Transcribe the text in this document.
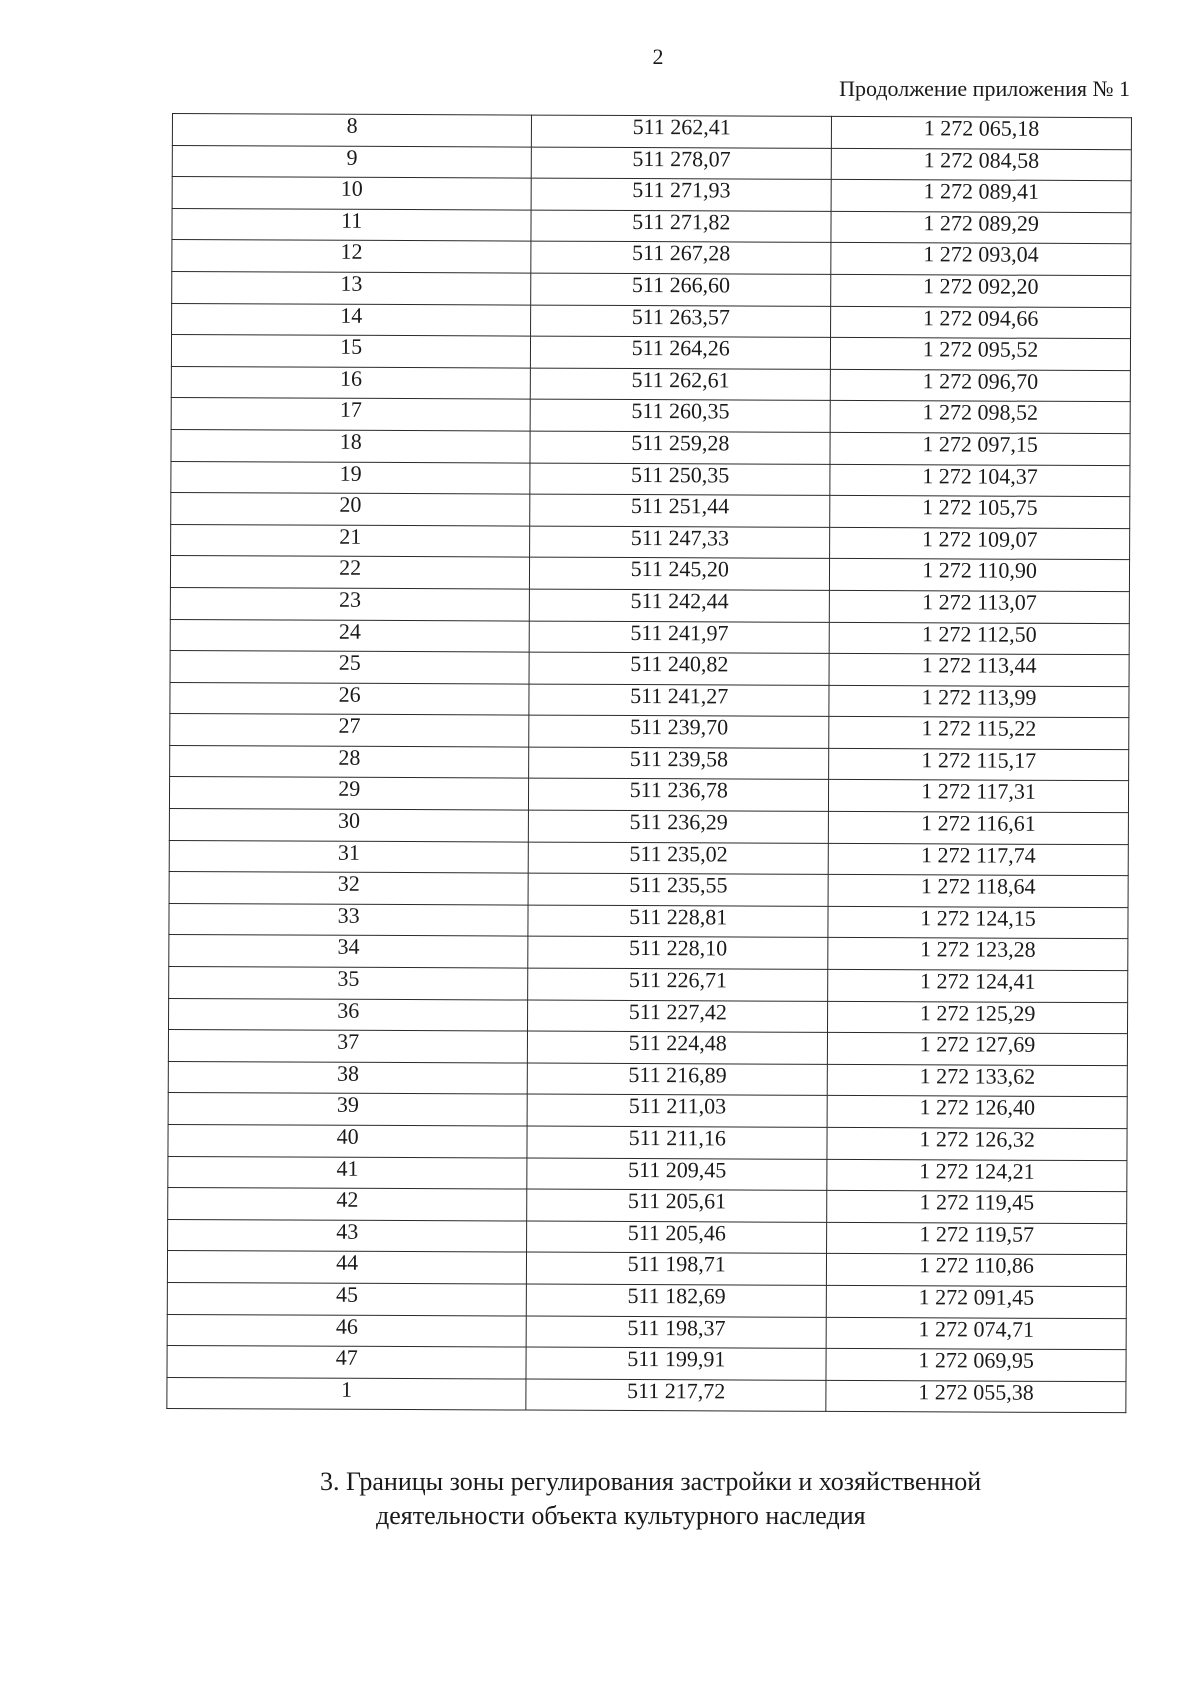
2
Продолжение приложения № 1
8	511 262,41	1 272 065,18
9	511 278,07	1 272 084,58
10	511 271,93	1 272 089,41
11	511 271,82	1 272 089,29
12	511 267,28	1 272 093,04
13	511 266,60	1 272 092,20
14	511 263,57	1 272 094,66
15	511 264,26	1 272 095,52
16	511 262,61	1 272 096,70
17	511 260,35	1 272 098,52
18	511 259,28	1 272 097,15
19	511 250,35	1 272 104,37
20	511 251,44	1 272 105,75
21	511 247,33	1 272 109,07
22	511 245,20	1 272 110,90
23	511 242,44	1 272 113,07
24	511 241,97	1 272 112,50
25	511 240,82	1 272 113,44
26	511 241,27	1 272 113,99
27	511 239,70	1 272 115,22
28	511 239,58	1 272 115,17
29	511 236,78	1 272 117,31
30	511 236,29	1 272 116,61
31	511 235,02	1 272 117,74
32	511 235,55	1 272 118,64
33	511 228,81	1 272 124,15
34	511 228,10	1 272 123,28
35	511 226,71	1 272 124,41
36	511 227,42	1 272 125,29
37	511 224,48	1 272 127,69
38	511 216,89	1 272 133,62
39	511 211,03	1 272 126,40
40	511 211,16	1 272 126,32
41	511 209,45	1 272 124,21
42	511 205,61	1 272 119,45
43	511 205,46	1 272 119,57
44	511 198,71	1 272 110,86
45	511 182,69	1 272 091,45
46	511 198,37	1 272 074,71
47	511 199,91	1 272 069,95
1	511 217,72	1 272 055,38
3. Границы зоны регулирования застройки и хозяйственной
деятельности объекта культурного наследия
